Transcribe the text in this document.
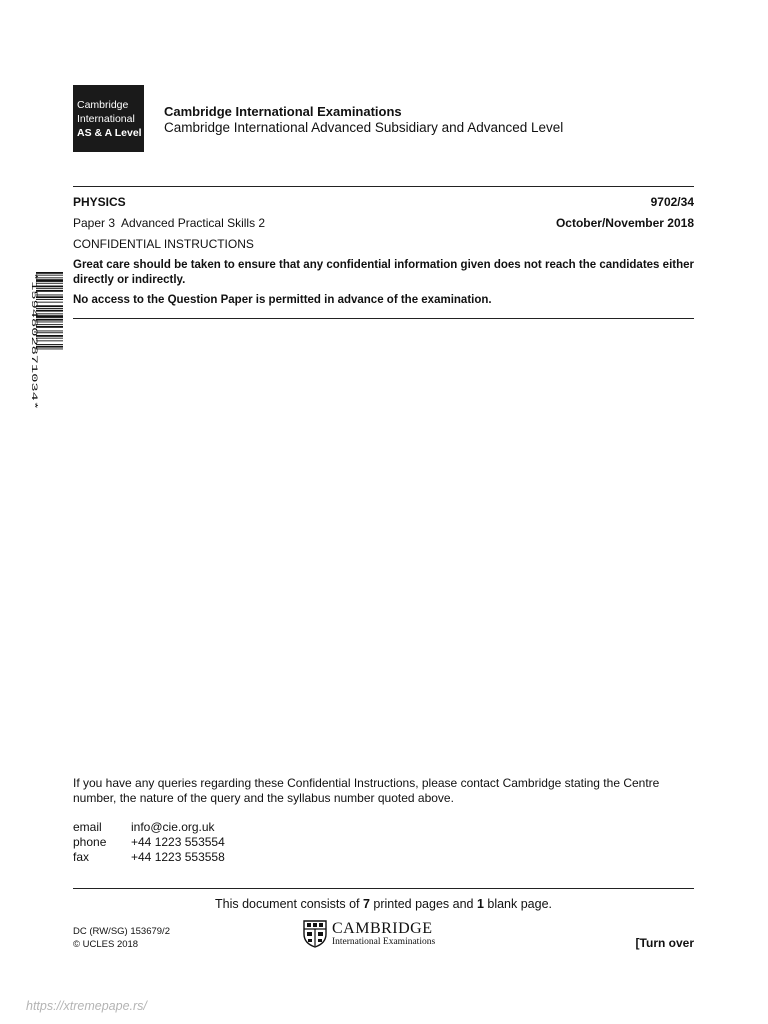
Cambridge
International
AS & A Level
Cambridge International Examinations
Cambridge International Advanced Subsidiary and Advanced Level
PHYSICS	9702/34
Paper 3  Advanced Practical Skills 2	October/November 2018
CONFIDENTIAL INSTRUCTIONS
Great care should be taken to ensure that any confidential information given does not reach the candidates either directly or indirectly.
No access to the Question Paper is permitted in advance of the examination.
*1594802871034*
If you have any queries regarding these Confidential Instructions, please contact Cambridge stating the Centre number, the nature of the query and the syllabus number quoted above.
email	info@cie.org.uk
phone	+44 1223 553554
fax	+44 1223 553558
This document consists of 7 printed pages and 1 blank page.
DC (RW/SG) 153679/2
© UCLES 2018
CAMBRIDGE
International Examinations	[Turn over
https://xtremepape.rs/
